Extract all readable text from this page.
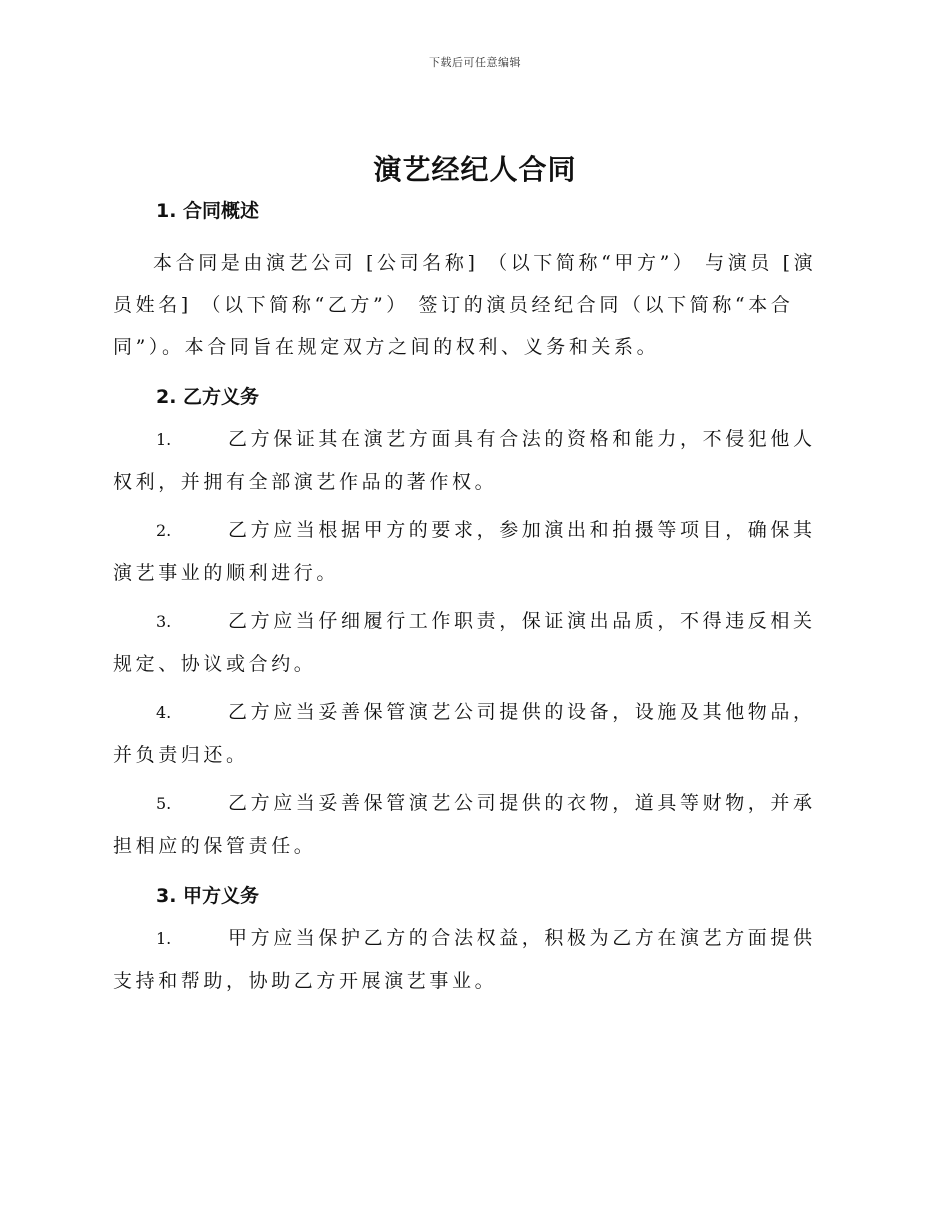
下载后可任意编辑
演艺经纪人合同
1. 合同概述

本合同是由演艺公司 [公司名称] （以下简称“甲方”） 与演员 [演员姓名] （以下简称“乙方”） 签订的演员经纪合同（以下简称“本合同”）。本合同旨在规定双方之间的权利、义务和关系。

2. 乙方义务

1.	乙方保证其在演艺方面具有合法的资格和能力，不侵犯他人权利，并拥有全部演艺作品的著作权。

2.	乙方应当根据甲方的要求，参加演出和拍摄等项目，确保其演艺事业的顺利进行。

3.	乙方应当仔细履行工作职责，保证演出品质，不得违反相关规定、协议或合约。

4.	乙方应当妥善保管演艺公司提供的设备，设施及其他物品，并负责归还。

5.	乙方应当妥善保管演艺公司提供的衣物，道具等财物，并承担相应的保管责任。

3. 甲方义务

1.	甲方应当保护乙方的合法权益，积极为乙方在演艺方面提供支持和帮助，协助乙方开展演艺事业。
